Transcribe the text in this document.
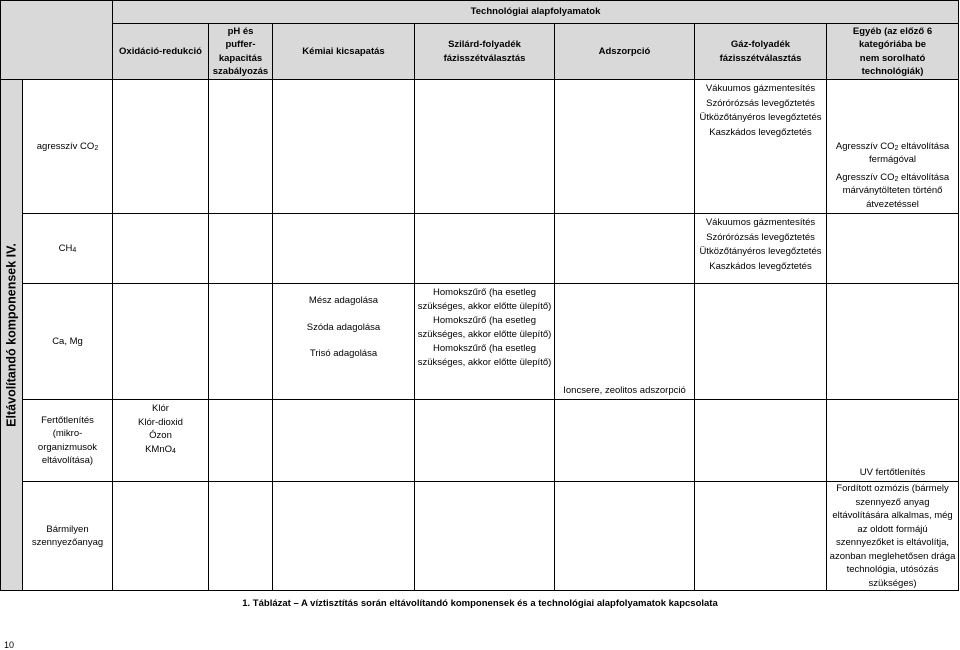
		Technológiai alapfolyamatok						
		Oxidáció-redukció	pH és
puffer-
kapacitás
szabályozás	Kémiai kicsapatás	Szilárd-folyadék
fázisszétválasztás	Adszorpció	Gáz-folyadék
fázisszétválasztás	Egyéb (az előző 6 kategóriába be
nem sorolható technológiák)

Eltávolítandó komponensek IV.	agresszív $CO_2$						Vákuumos gázmentesítés
Szórórózsás levegőztetés
Ütközőtányéros levegőztetés
Kaszkádos levegőztetés	Agresszív $CO_2$ eltávolítása fermágóval
Agresszív $CO_2$ eltávolítása márványtölteten történő átvezetéssel

	$CH_4$						Vákuumos gázmentesítés
Szórórózsás levegőztetés
Ütközőtányéros levegőztetés
Kaszkádos levegőztetés	

	Ca, Mg			Mész adagolása
Szóda adagolása
Trisó adagolása	Homokszűrő (ha esetleg szükséges, akkor előtte ülepítő)
Homokszűrő (ha esetleg szükséges, akkor előtte ülepítő)
Homokszűrő (ha esetleg szükséges, akkor előtte ülepítő)	Ioncsere, zeolitos adszorpció		

	Fertőtlenítés
(mikro-
organizmusok
eltávolítása)	Klór
Klór-dioxid
Ózon
KMnO$_4$						UV fertőtlenítés

	Bármilyen
szennyezőanyag							Fordított ozmózis (bármely szennyező anyag eltávolítására alkalmas, még az oldott formájú szennyezőket is eltávolítja, azonban meglehetősen drága technológia, utósózás szükséges)
1. Táblázat – A víztisztítás során eltávolítandó komponensek és a technológiai alapfolyamatok kapcsolata
10
